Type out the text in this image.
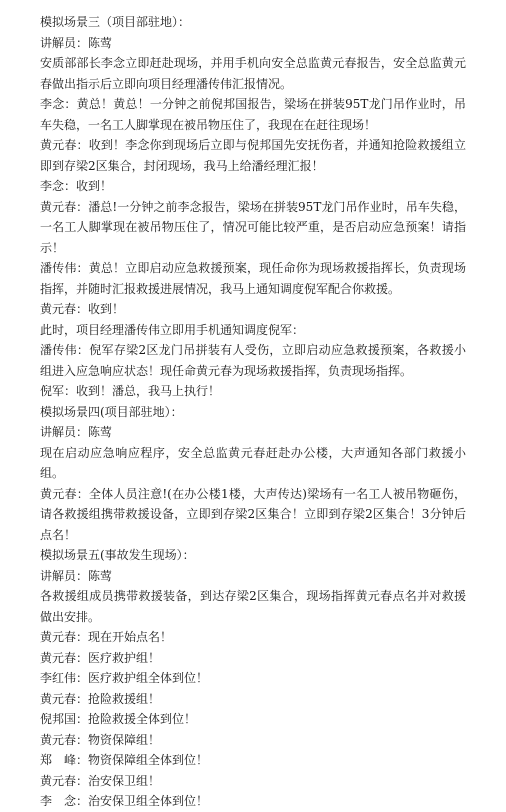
模拟场景三（项目部驻地）：

讲解员：陈莺

安质部部长李念立即赶赴现场，并用手机向安全总监黄元春报告，安全总监黄元春做出指示后立即向项目经理潘传伟汇报情况。

李念：黄总！黄总！一分钟之前倪邦国报告，梁场在拼装95T龙门吊作业时，吊车失稳，一名工人脚掌现在被吊物压住了，我现在在赶往现场！

黄元春：收到！李念你到现场后立即与倪邦国先安抚伤者，并通知抢险救援组立即到存梁2区集合，封闭现场，我马上给潘经理汇报！

李念：收到！

黄元春：潘总!一分钟之前李念报告，梁场在拼装95T龙门吊作业时，吊车失稳，一名工人脚掌现在被吊物压住了，情况可能比较严重，是否启动应急预案！请指示！

潘传伟：黄总！立即启动应急救援预案，现任命你为现场救援指挥长，负责现场指挥，并随时汇报救援进展情况，我马上通知调度倪军配合你救援。

黄元春：收到！

此时，项目经理潘传伟立即用手机通知调度倪军：

潘传伟：倪军存梁2区龙门吊拼装有人受伤，立即启动应急救援预案，各救援小组进入应急响应状态！现任命黄元春为现场救援指挥，负责现场指挥。

倪军：收到！潘总，我马上执行！

模拟场景四(项目部驻地）：

讲解员：陈莺

现在启动应急响应程序，安全总监黄元春赶赴办公楼，大声通知各部门救援小组。

黄元春：全体人员注意!(在办公楼1楼，大声传达)梁场有一名工人被吊物砸伤，请各救援组携带救援设备，立即到存梁2区集合！立即到存梁2区集合！3分钟后点名！

模拟场景五(事故发生现场）：

讲解员：陈莺

各救援组成员携带救援装备，到达存梁2区集合，现场指挥黄元春点名并对救援做出安排。

黄元春：现在开始点名！

黄元春：医疗救护组！

李红伟：医疗救护组全体到位！

黄元春：抢险救援组！

倪邦国：抢险救援全体到位！

黄元春：物资保障组！

郑　峰：物资保障组全体到位！

黄元春：治安保卫组！

李　念：治安保卫组全体到位！
